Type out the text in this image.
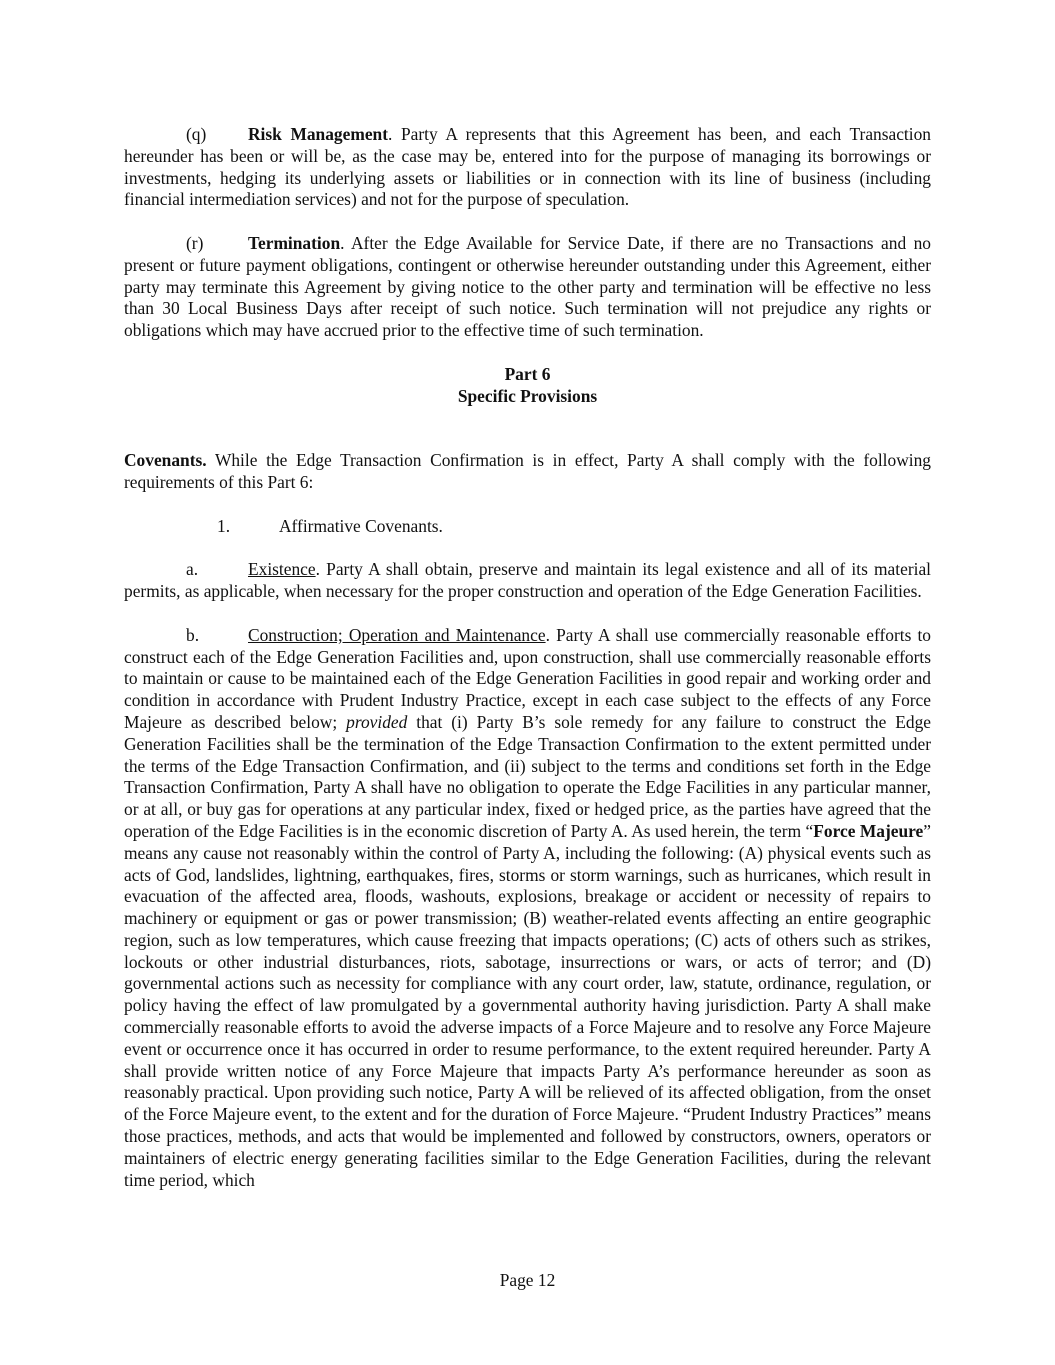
(q) Risk Management. Party A represents that this Agreement has been, and each Transaction hereunder has been or will be, as the case may be, entered into for the purpose of managing its borrowings or investments, hedging its underlying assets or liabilities or in connection with its line of business (including financial intermediation services) and not for the purpose of speculation.

(r)	Termination. After the Edge Available for Service Date, if there are no Transactions and no present or future payment obligations, contingent or otherwise hereunder outstanding under this Agreement, either party may terminate this Agreement by giving notice to the other party and termination will be effective no less than 30 Local Business Days after receipt of such notice. Such termination will not prejudice any rights or obligations which may have accrued prior to the effective time of such termination.

Part 6
Specific Provisions

Covenants. While the Edge Transaction Confirmation is in effect, Party A shall comply with the following requirements of this Part 6:

1.	Affirmative Covenants.

a.	Existence. Party A shall obtain, preserve and maintain its legal existence and all of its material permits, as applicable, when necessary for the proper construction and operation of the Edge Generation Facilities.

b.	Construction; Operation and Maintenance. Party A shall use commercially reasonable efforts to construct each of the Edge Generation Facilities and, upon construction, shall use commercially reasonable efforts to maintain or cause to be maintained each of the Edge Generation Facilities in good repair and working order and condition in accordance with Prudent Industry Practice, except in each case subject to the effects of any Force Majeure as described below; provided that (i) Party B’s sole remedy for any failure to construct the Edge Generation Facilities shall be the termination of the Edge Transaction Confirmation to the extent permitted under the terms of the Edge Transaction Confirmation, and (ii) subject to the terms and conditions set forth in the Edge Transaction Confirmation, Party A shall have no obligation to operate the Edge Facilities in any particular manner, or at all, or buy gas for operations at any particular index, fixed or hedged price, as the parties have agreed that the operation of the Edge Facilities is in the economic discretion of Party A. As used herein, the term “Force Majeure” means any cause not reasonably within the control of Party A, including the following: (A) physical events such as acts of God, landslides, lightning, earthquakes, fires, storms or storm warnings, such as hurricanes, which result in evacuation of the affected area, floods, washouts, explosions, breakage or accident or necessity of repairs to machinery or equipment or gas or power transmission; (B) weather-related events affecting an entire geographic region, such as low temperatures, which cause freezing that impacts operations; (C) acts of others such as strikes, lockouts or other industrial disturbances, riots, sabotage, insurrections or wars, or acts of terror; and (D) governmental actions such as necessity for compliance with any court order, law, statute, ordinance, regulation, or policy having the effect of law promulgated by a governmental authority having jurisdiction. Party A shall make commercially reasonable efforts to avoid the adverse impacts of a Force Majeure and to resolve any Force Majeure event or occurrence once it has occurred in order to resume performance, to the extent required hereunder. Party A shall provide written notice of any Force Majeure that impacts Party A’s performance hereunder as soon as reasonably practical. Upon providing such notice, Party A will be relieved of its affected obligation, from the onset of the Force Majeure event, to the extent and for the duration of Force Majeure. “Prudent Industry Practices” means those practices, methods, and acts that would be implemented and followed by constructors, owners, operators or maintainers of electric energy generating facilities similar to the Edge Generation Facilities, during the relevant time period, which

Page 12
